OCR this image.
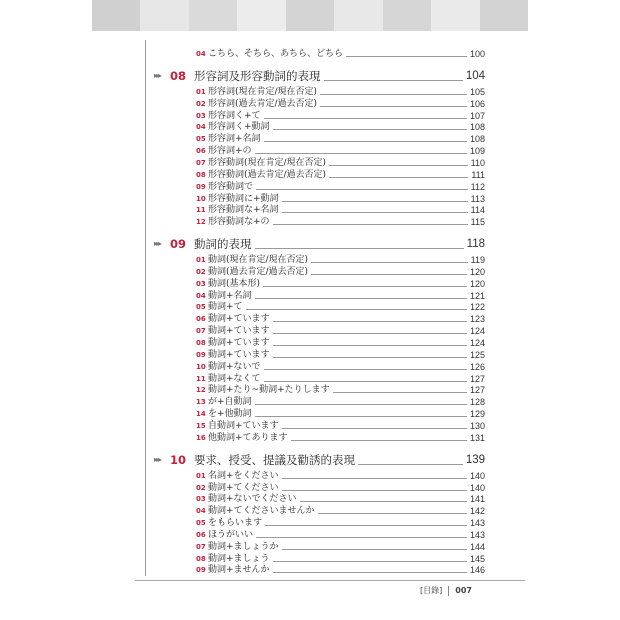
04 こちら、そちら、あちら、どちら	100
▸▸▸ 08 形容詞及形容動詞的表現	104
01 形容詞(現在肯定/現在否定)	105
02 形容詞(過去肯定/過去否定)	106
03 形容詞く+て	107
04 形容詞く+動詞	108
05 形容詞+名詞	108
06 形容詞+の	109
07 形容動詞(現在肯定/現在否定)	110
08 形容動詞(過去肯定/過去否定)	111
09 形容動詞で	112
10 形容動詞に+動詞	113
11 形容動詞な+名詞	114
12 形容動詞な+の	115
▸▸▸ 09 動詞的表現	118
01 動詞(現在肯定/現在否定)	119
02 動詞(過去肯定/過去否定)	120
03 動詞(基本形)	120
04 動詞+名詞	121
05 動詞+て	122
06 動詞+ています	123
07 動詞+ています	124
08 動詞+ています	124
09 動詞+ています	125
10 動詞+ないで	126
11 動詞+なくて	127
12 動詞+たり~動詞+たりします	127
13 が+自動詞	128
14 を+他動詞	129
15 自動詞+ています	130
16 他動詞+てあります	131
▸▸▸ 10 要求、授受、提議及勸誘的表現	139
01 名詞+をください	140
02 動詞+てください	140
03 動詞+ないでください	141
04 動詞+てくださいませんか	142
05 をもらいます	143
06 ほうがいい	143
07 動詞+ましょうか	144
08 動詞+ましょう	145
09 動詞+ませんか	146
[目錄] 007
